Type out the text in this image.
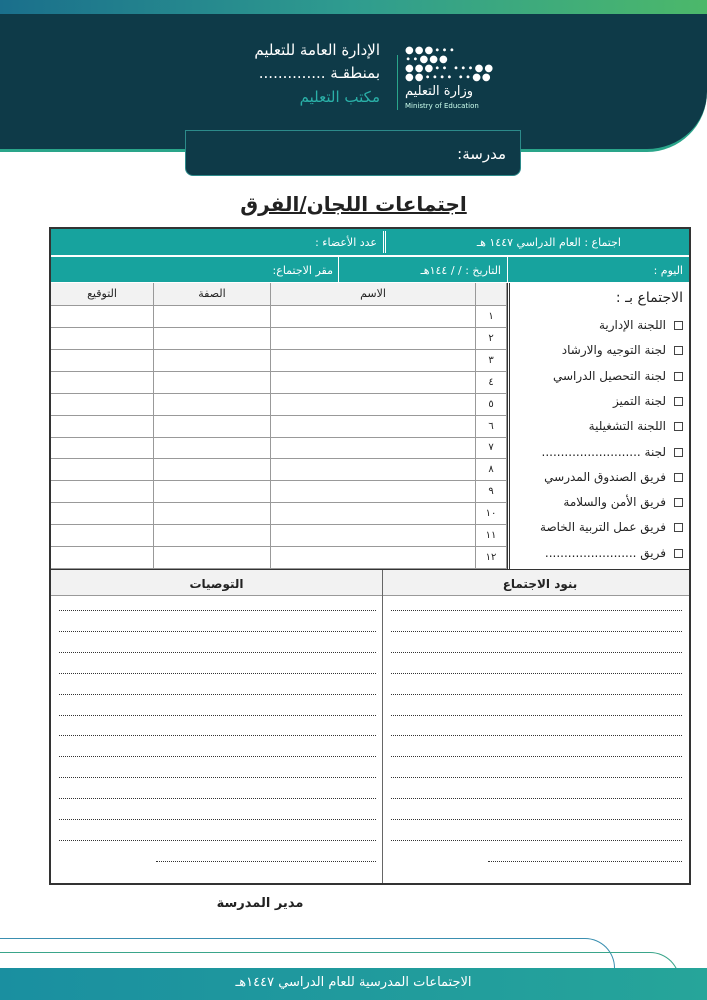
الإدارة العامة للتعليم
بمنطقـة ..............
مكتب التعليم
●●●∙∙∙ ∙∙●●●
●●●∙∙ ∙∙∙●●
●●∙∙∙∙ ∙∙●●
وزارة التعليم
Ministry of Education
مدرسة:
اجتماعات اللجان/الفرق
اجتماع : العام الدراسي ١٤٤٧ هـ
عدد الأعضاء :
اليوم :
التاريخ : / / ١٤٤هـ
مقر الاجتماع:
التوقيع	الصفة	الاسم
١
٢
٣
٤
٥
٦
٧
٨
٩
١٠
١١
١٢
الاجتماع بـ :
اللجنة الإدارية
لجنة التوجيه والارشاد
لجنة التحصيل الدراسي
لجنة التميز
اللجنة التشغيلية
لجنة ..........................
فريق الصندوق المدرسي
فريق الأمن والسلامة
فريق عمل التربية الخاصة
فريق ........................
بنود الاجتماع
التوصيات
مدير المدرسة
الاجتماعات المدرسية للعام الدراسي ١٤٤٧هـ
